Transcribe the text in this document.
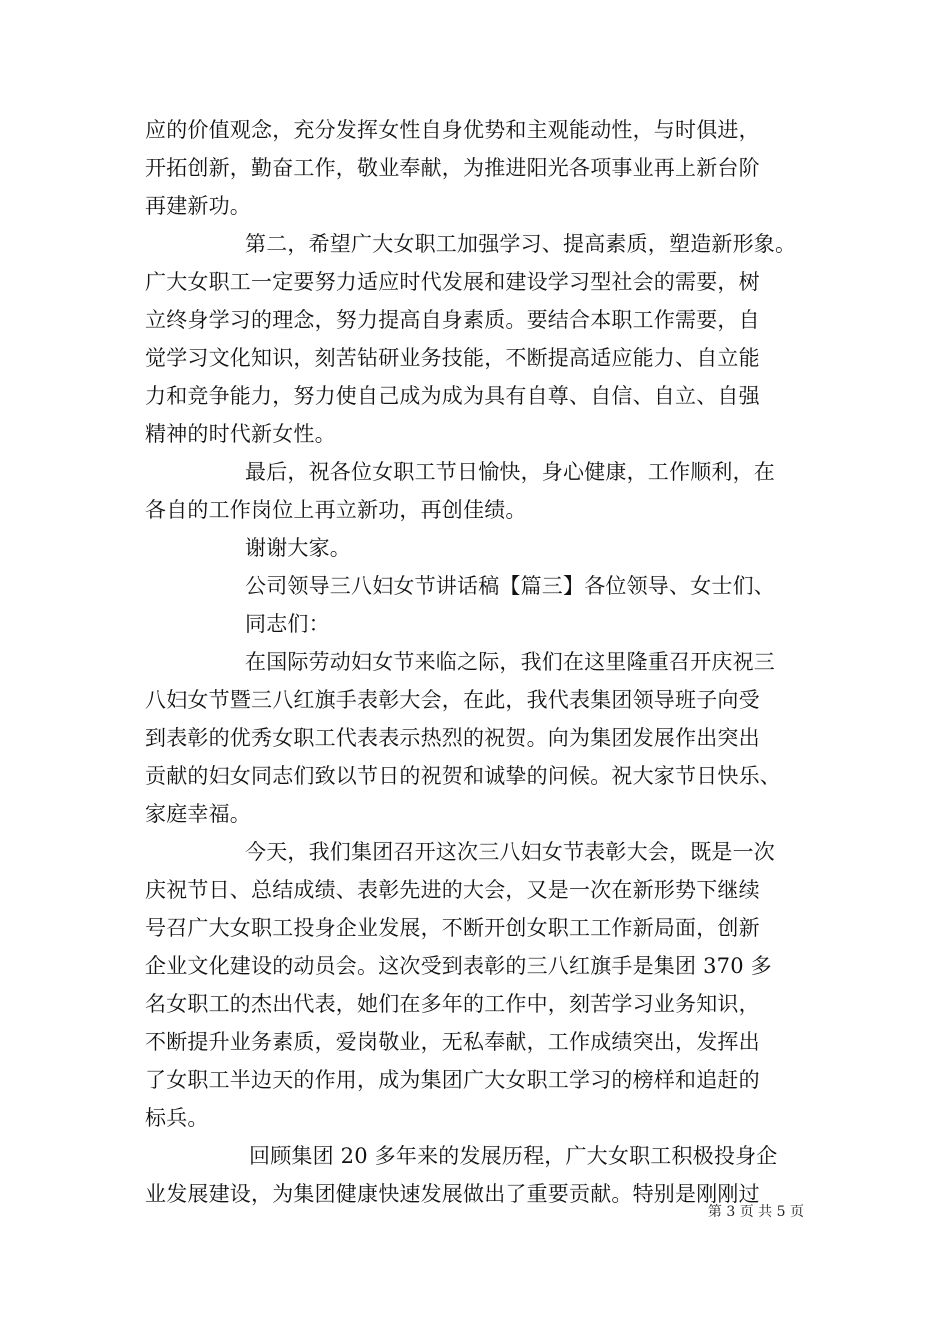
应的价值观念，充分发挥女性自身优势和主观能动性，与时俱进，
开拓创新，勤奋工作，敬业奉献，为推进阳光各项事业再上新台阶
再建新功。
第二，希望广大女职工加强学习、提高素质，塑造新形象。
广大女职工一定要努力适应时代发展和建设学习型社会的需要，树
立终身学习的理念，努力提高自身素质。要结合本职工作需要，自
觉学习文化知识，刻苦钻研业务技能，不断提高适应能力、自立能
力和竞争能力，努力使自己成为成为具有自尊、自信、自立、自强
精神的时代新女性。
最后，祝各位女职工节日愉快，身心健康，工作顺利，在
各自的工作岗位上再立新功，再创佳绩。
谢谢大家。
公司领导三八妇女节讲话稿【篇三】各位领导、女士们、
同志们：
在国际劳动妇女节来临之际，我们在这里隆重召开庆祝三
八妇女节暨三八红旗手表彰大会，在此，我代表集团领导班子向受
到表彰的优秀女职工代表表示热烈的祝贺。向为集团发展作出突出
贡献的妇女同志们致以节日的祝贺和诚挚的问候。祝大家节日快乐、
家庭幸福。
今天，我们集团召开这次三八妇女节表彰大会，既是一次
庆祝节日、总结成绩、表彰先进的大会，又是一次在新形势下继续
号召广大女职工投身企业发展，不断开创女职工工作新局面，创新
企业文化建设的动员会。这次受到表彰的三八红旗手是集团 370 多
名女职工的杰出代表，她们在多年的工作中，刻苦学习业务知识，
不断提升业务素质，爱岗敬业，无私奉献，工作成绩突出，发挥出
了女职工半边天的作用，成为集团广大女职工学习的榜样和追赶的
标兵。
回顾集团 20 多年来的发展历程，广大女职工积极投身企
业发展建设，为集团健康快速发展做出了重要贡献。特别是刚刚过
第 3 页 共 5 页
